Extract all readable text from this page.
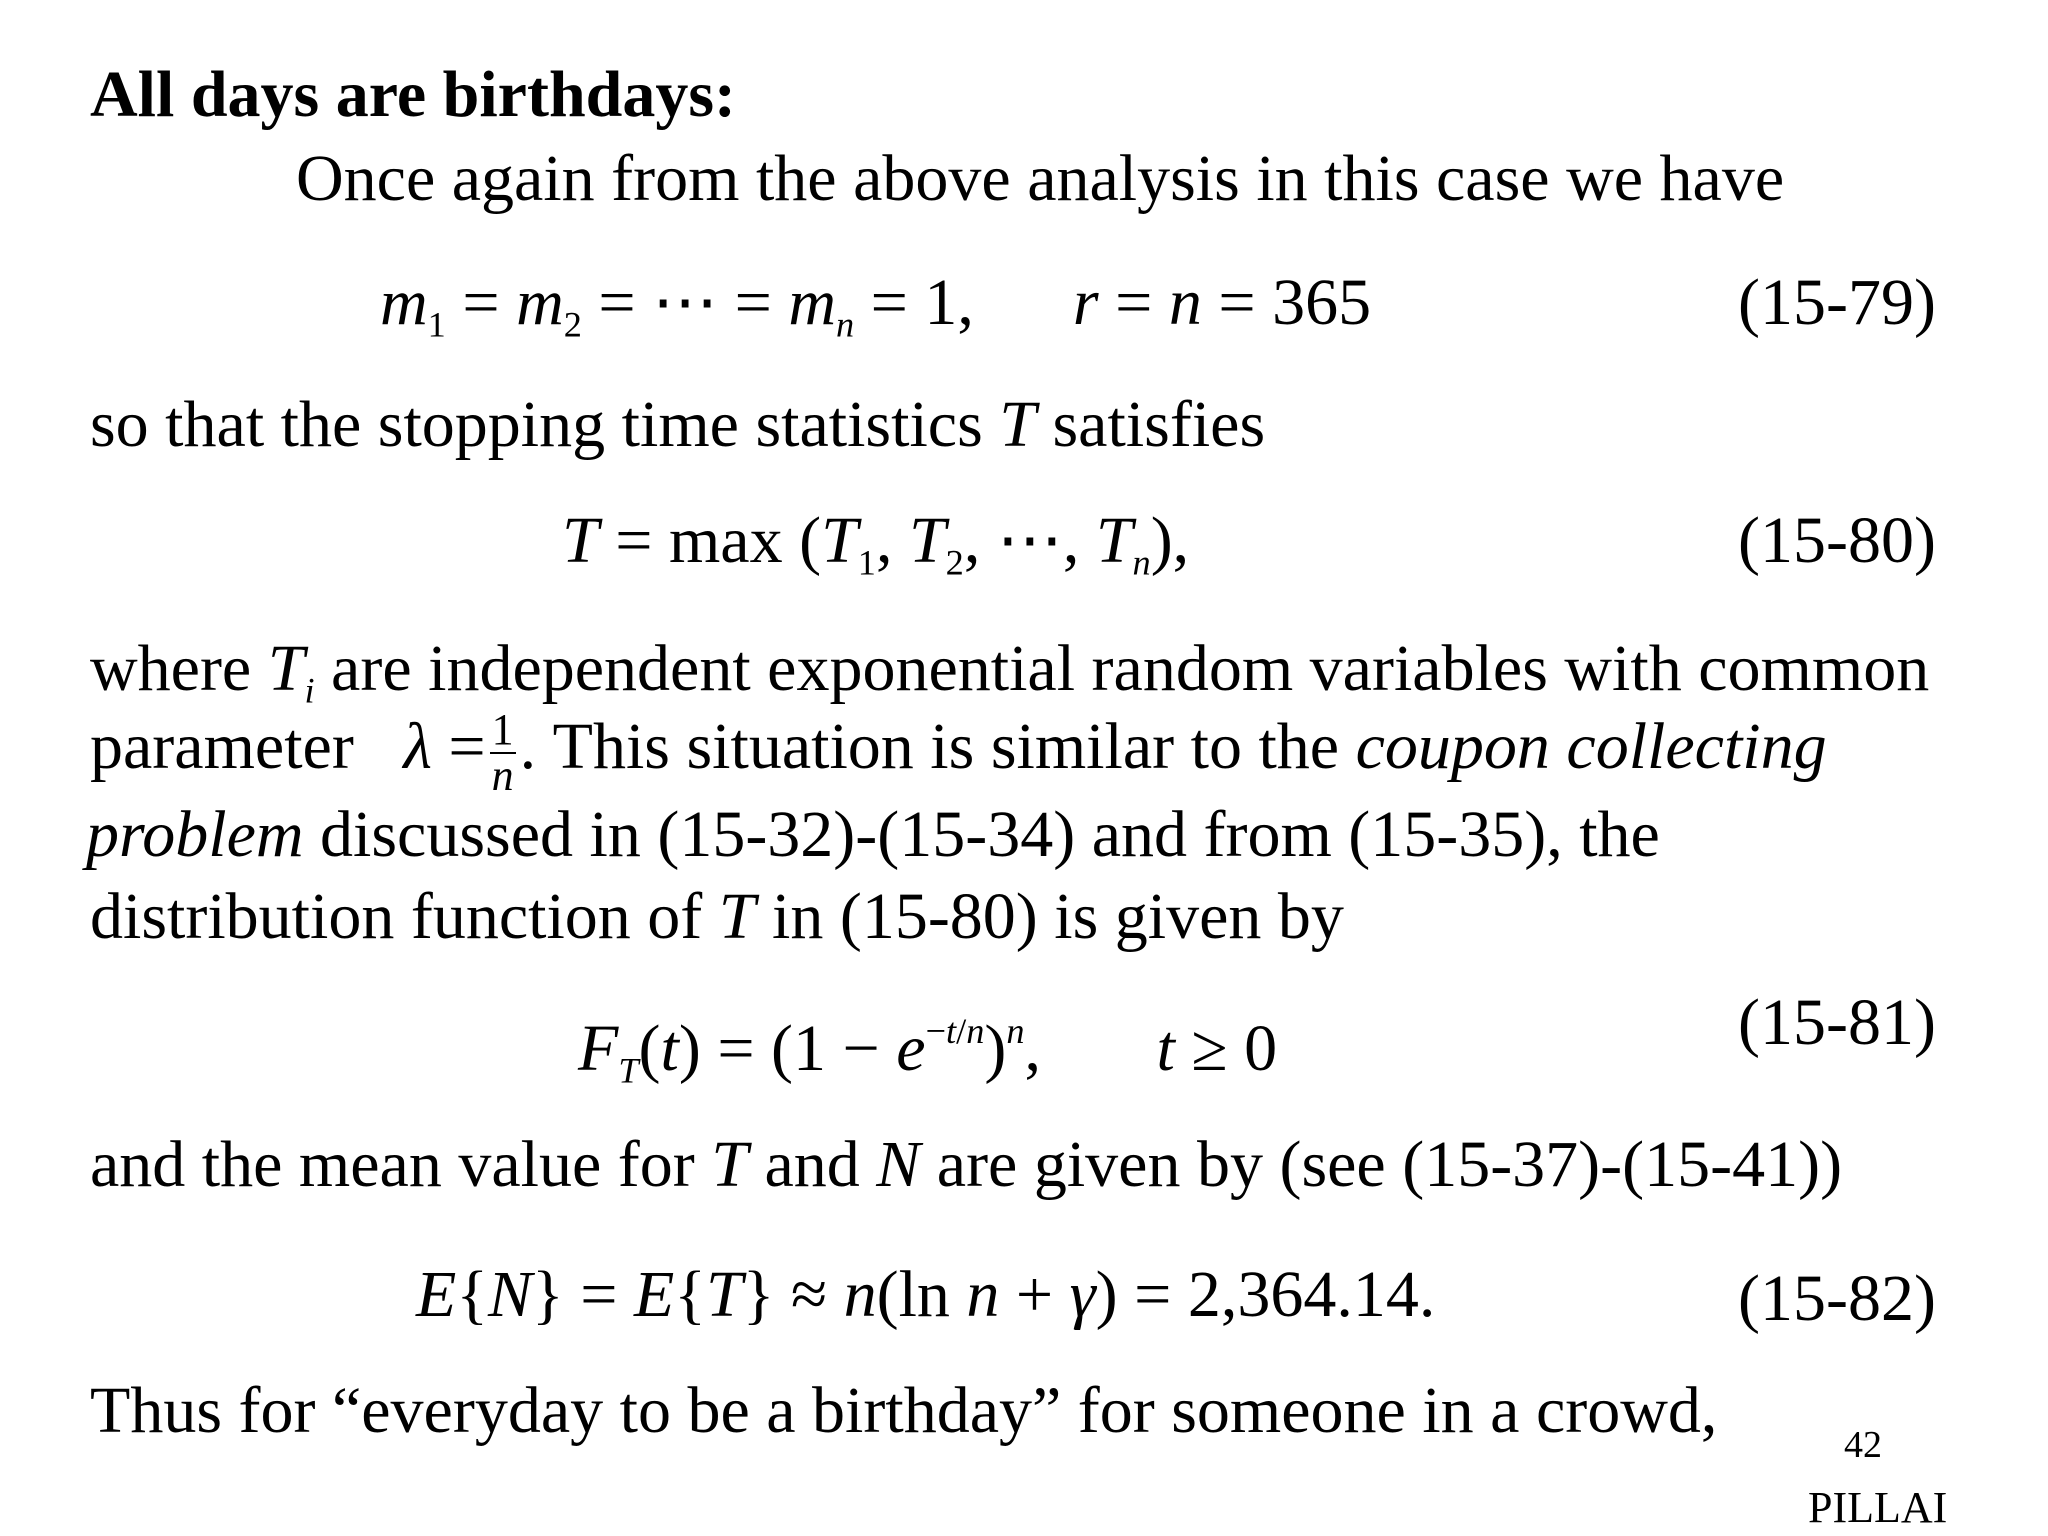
All days are birthdays:
Once again from the above analysis in this case we have
$m_1 = m_2$ = ⋯ = $m_n = 1$,      r = n = 365	(15-79)
so that the stopping time statistics T satisfies
$T = \max (T_1$, $T_2$, ⋯, $T_n$),	(15-80)
where $T_i$ are independent exponential random variables with common
parameter $\lambda = \frac{1}{n}$ . This situation is similar to the coupon collecting
problem discussed in (15-32)-(15-34) and from (15-35), the
distribution function of T in (15-80) is given by
$F_T(t) = (1 - e^{-t/n})^n$,       t ≥ 0	(15-81)
and the mean value for T and N are given by (see (15-37)-(15-41))
E{N} = E{T} ≈ n(ln n + γ) = 2,364.14.	(15-82)
Thus for “everyday to be a birthday” for someone in a crowd,	42
PILLAI
